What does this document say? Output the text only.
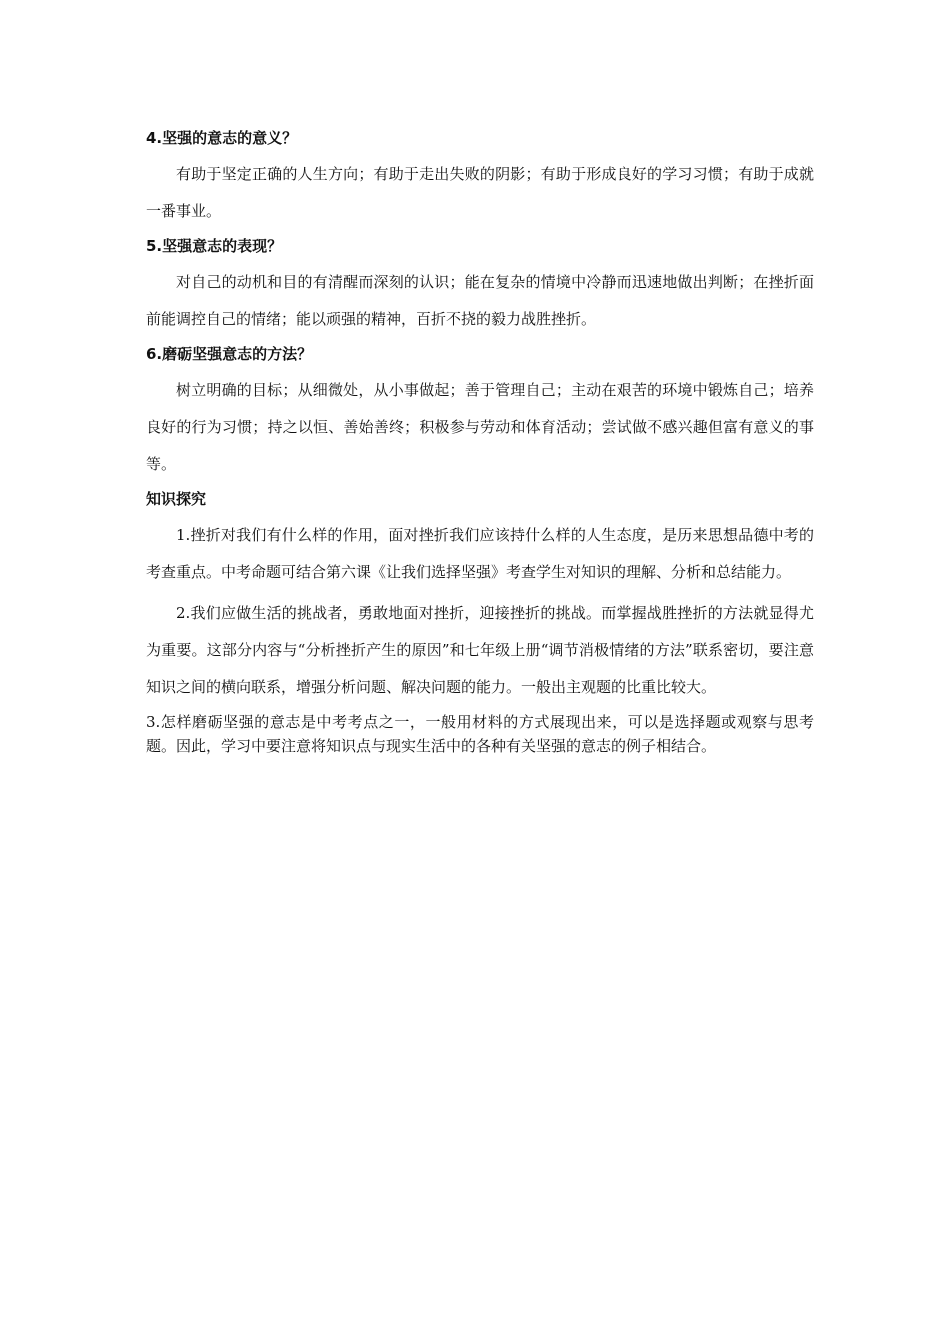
4.坚强的意志的意义？

有助于坚定正确的人生方向；有助于走出失败的阴影；有助于形成良好的学习习惯；有助于成就一番事业。

5.坚强意志的表现？

对自己的动机和目的有清醒而深刻的认识；能在复杂的情境中冷静而迅速地做出判断；在挫折面前能调控自己的情绪；能以顽强的精神，百折不挠的毅力战胜挫折。

6.磨砺坚强意志的方法？

树立明确的目标；从细微处，从小事做起；善于管理自己；主动在艰苦的环境中锻炼自己；培养良好的行为习惯；持之以恒、善始善终；积极参与劳动和体育活动；尝试做不感兴趣但富有意义的事等。

知识探究

1.挫折对我们有什么样的作用，面对挫折我们应该持什么样的人生态度，是历来思想品德中考的考查重点。中考命题可结合第六课《让我们选择坚强》考查学生对知识的理解、分析和总结能力。

2.我们应做生活的挑战者，勇敢地面对挫折，迎接挫折的挑战。而掌握战胜挫折的方法就显得尤为重要。这部分内容与“分析挫折产生的原因”和七年级上册“调节消极情绪的方法”联系密切，要注意知识之间的横向联系，增强分析问题、解决问题的能力。一般出主观题的比重比较大。

3.怎样磨砺坚强的意志是中考考点之一，一般用材料的方式展现出来，可以是选择题或观察与思考题。因此，学习中要注意将知识点与现实生活中的各种有关坚强的意志的例子相结合。
